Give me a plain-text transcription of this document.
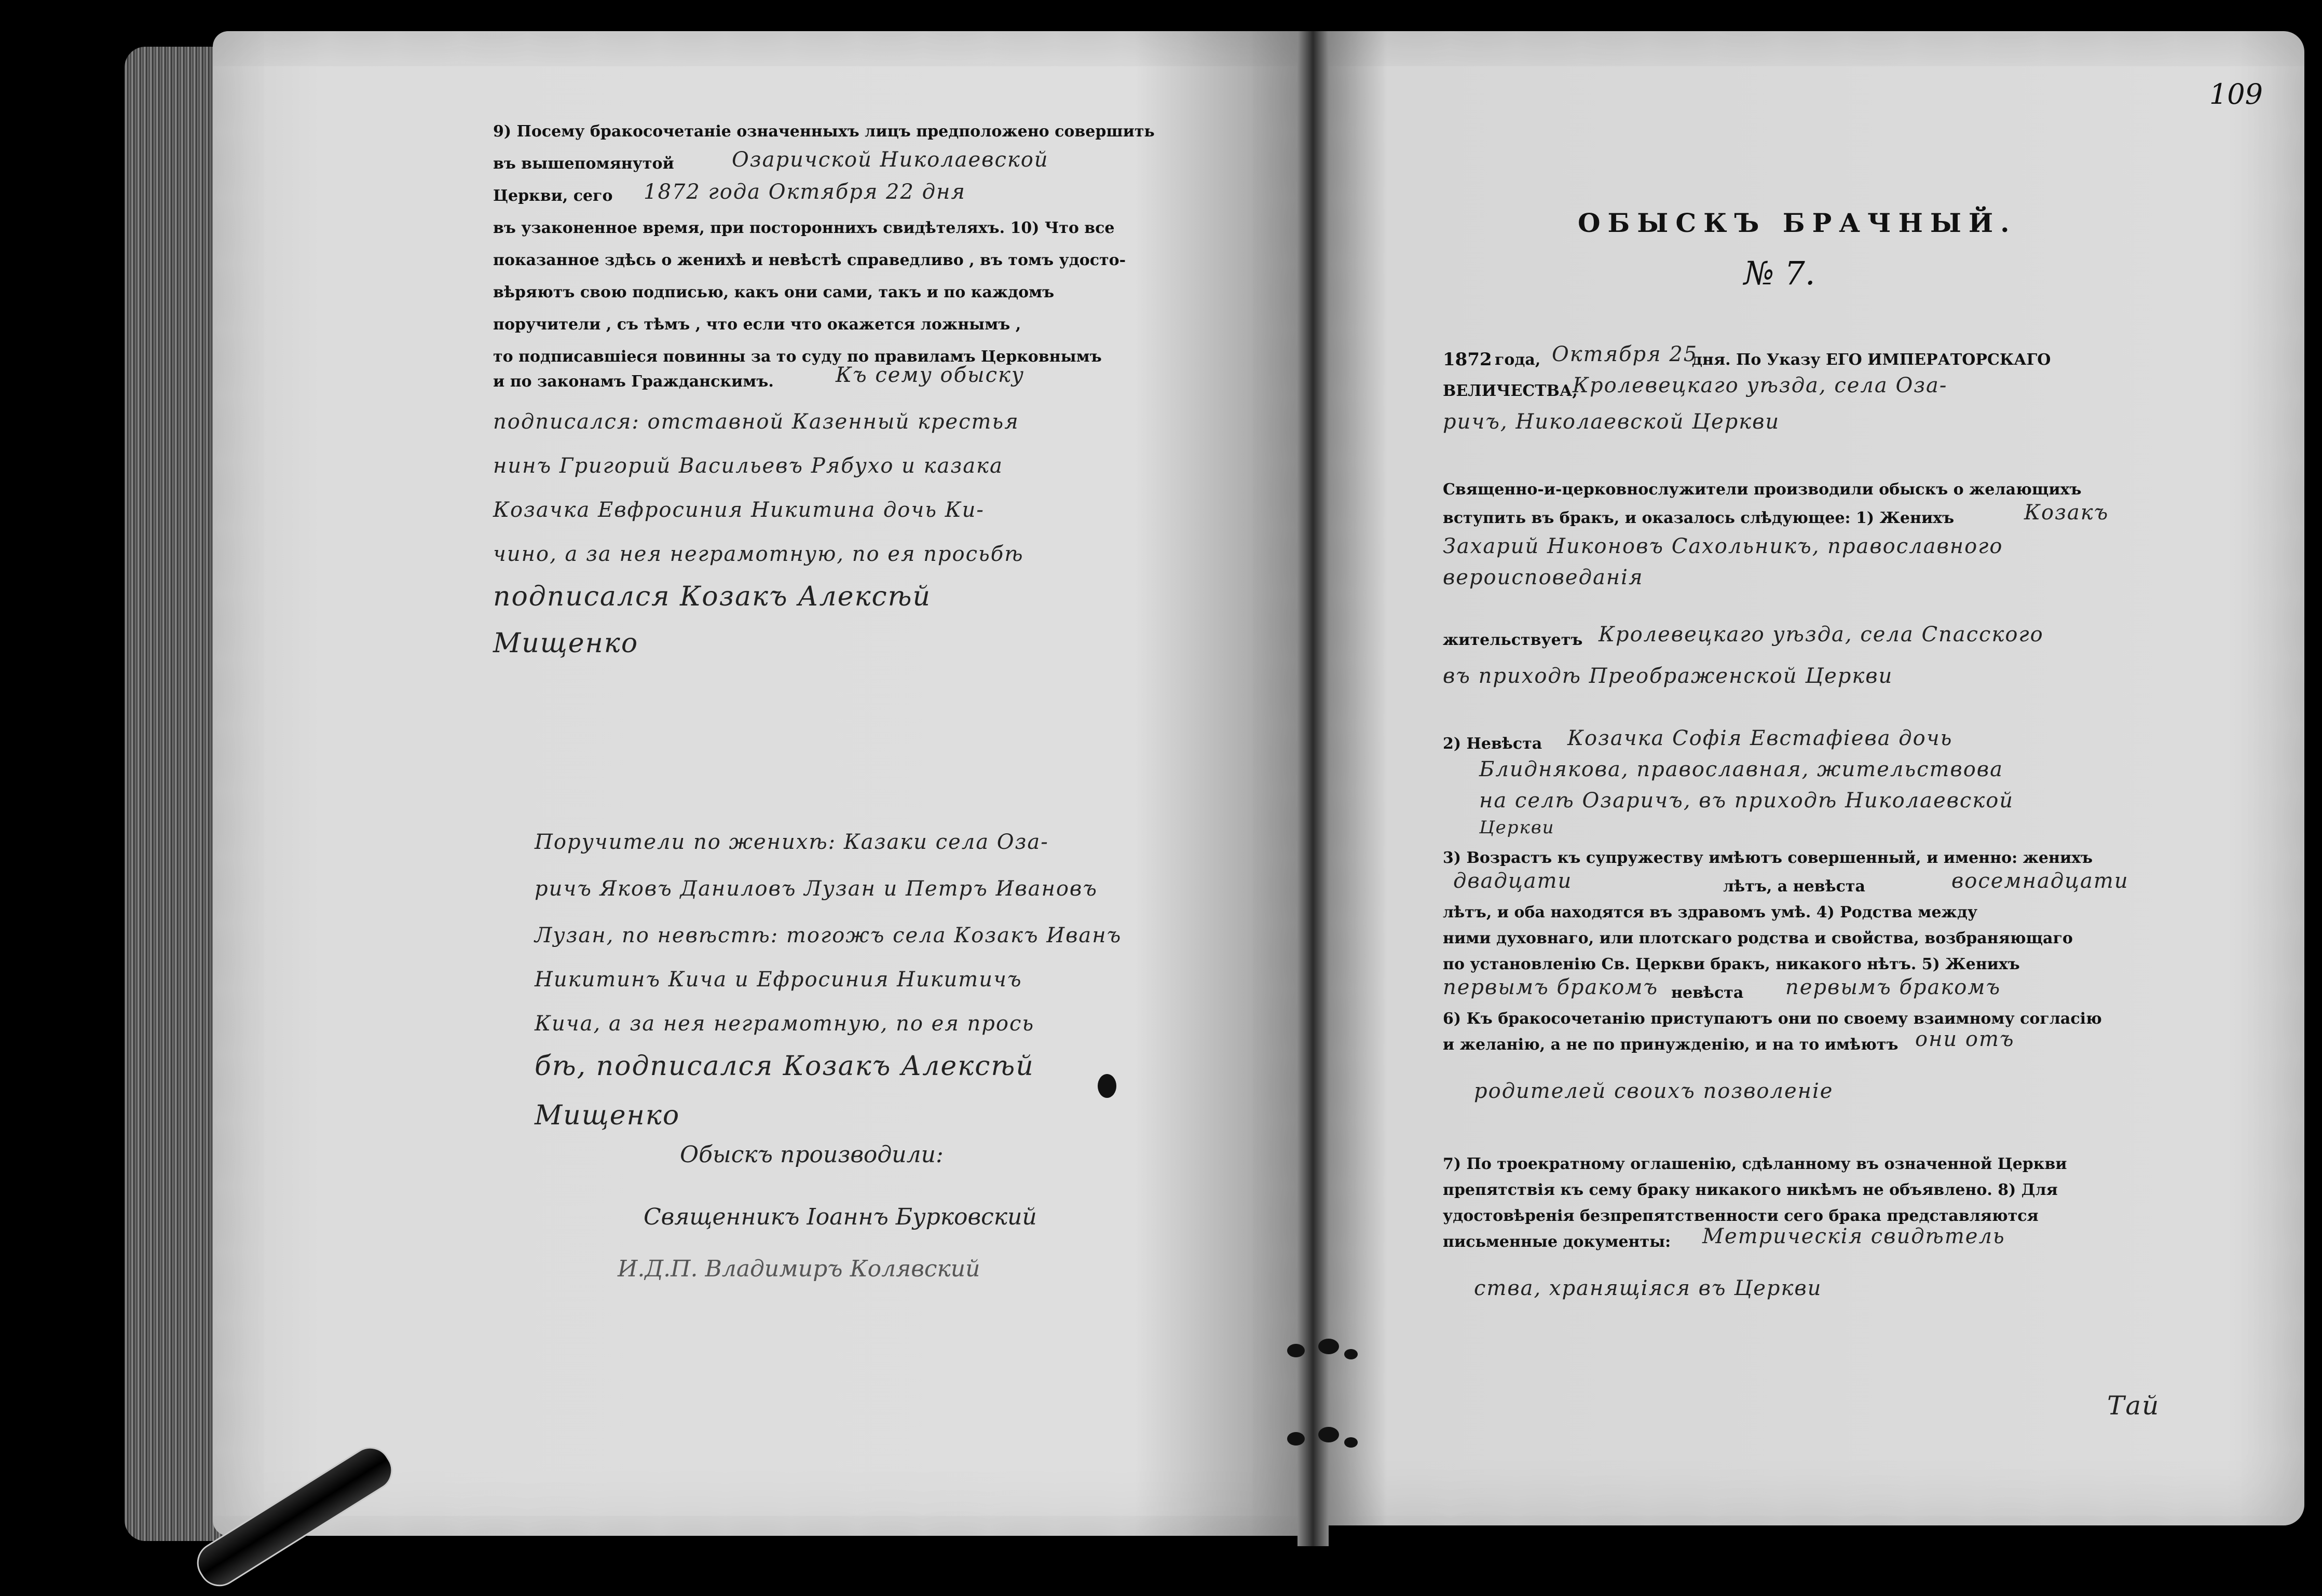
9) Посему бракосочетаніе означенныхъ лицъ предположено совершить
въ вышепомянутой	Озаричской Николаевской
Церкви, сего 1872 года Октября 22 дня
въ узаконенное время, при постороннихъ свидѣтеляхъ. 10) Что все
показанное здѣсь о женихѣ и невѣстѣ справедливо , въ томъ удосто-
вѣряютъ свою подписью, какъ они сами, такъ и по каждомъ
поручители , съ тѣмъ , что если что окажется ложнымъ ,
то подписавшіеся повинны за то суду по правиламъ Церковнымъ
и по законамъ Гражданскимъ.	Къ сему обыску
подписался: отставной Казенный крестья
нинъ Григорий Васильевъ Рябухо и казака
Козачка Евфросиния Никитина дочь Ки-
чино, а за нея неграмотную, по ея просьбѣ
подписался Козакъ Алексѣй
Мищенко
Поручители по женихѣ: Казаки села Оза-
ричъ Яковъ Даниловъ Лузан и Петръ Ивановъ
Лузан, по невѣстѣ: тогожъ села Козакъ Иванъ
Никитинъ Кича и Ефросиния Никитичъ
Кича, а за нея неграмотную, по ея прось
бѣ, подписался Козакъ Алексѣй
Мищенко
Обыскъ производили:
Священникъ Іоаннъ Бурковский
И.Д.П. Владимиръ Колявский
109
ОБЫСКЪ БРАЧНЫЙ.
№ 7.
1872 года, Октября 25
дня. По Указу ЕГО ИМПЕРАТОРСКАГО
ВЕЛИЧЕСТВА,
Кролевецкаго уѣзда, села Оза-
ричъ, Николаевской Церкви
Священно-и-церковнослужители производили обыскъ о желающихъ
вступить въ бракъ, и оказалось слѣдующее: 1) Женихъ	Козакъ
Захарий Никоновъ Сахольникъ, православного
вероисповеданія
жительствуетъ Кролевецкаго уѣзда, села Спасского
въ приходѣ Преображенской Церкви
2) Невѣста Козачка Софія Евстафіева дочь
Блиднякова, православная, жительствова
на селѣ Озаричъ, въ приходѣ Николаевской
Церкви
3) Возрастъ къ супружеству имѣютъ совершенный, и именно: женихъ
двадцати	лѣтъ, а невѣста	восемнадцати
лѣтъ, и оба находятся въ здравомъ умѣ. 4) Родства между
ними духовнаго, или плотскаго родства и свойства, возбраняющаго
по установленію Св. Церкви бракъ, никакого нѣтъ. 5) Женихъ
первымъ бракомъ невѣста первымъ бракомъ
6) Къ бракосочетанію приступаютъ они по своему взаимному согласію
и желанію, а не по принужденію, и на то имѣютъ они отъ
родителей своихъ позволеніе
7) По троекратному оглашенію, сдѣланному въ означенной Церкви
препятствія къ сему браку никакого никѣмъ не объявлено. 8) Для
удостовѣренія безпрепятственности сего брака представляются
письменные документы: Метрическія свидѣтель
ства, хранящіяся въ Церкви
Тай
